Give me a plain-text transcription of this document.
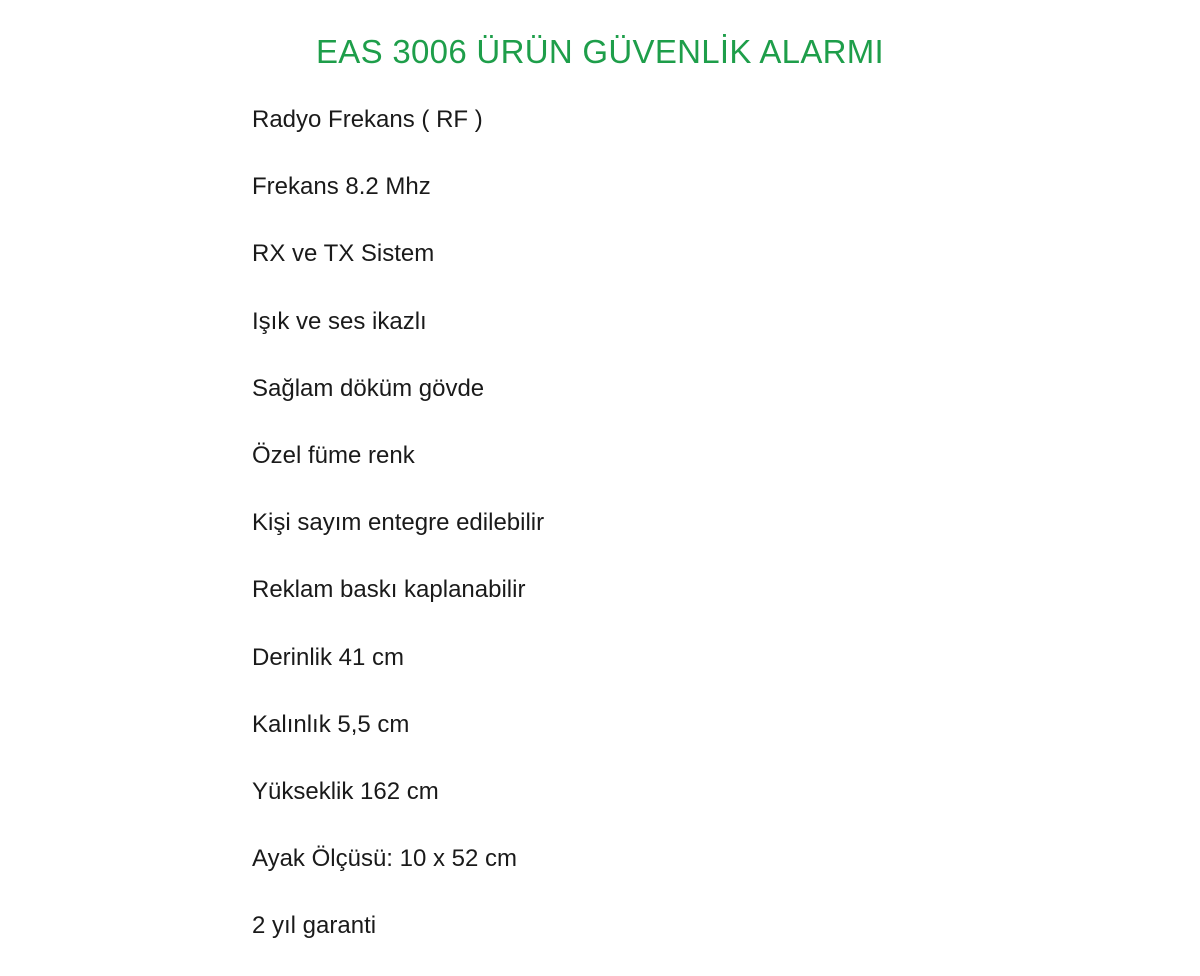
EAS 3006 ÜRÜN GÜVENLİK ALARMI
Radyo Frekans ( RF )
Frekans 8.2 Mhz
RX ve TX Sistem
Işık ve ses ikazlı
Sağlam döküm gövde
Özel füme renk
Kişi sayım entegre edilebilir
Reklam baskı kaplanabilir
Derinlik 41 cm
Kalınlık 5,5 cm
Yükseklik 162 cm
Ayak Ölçüsü: 10 x 52 cm
2 yıl garanti
